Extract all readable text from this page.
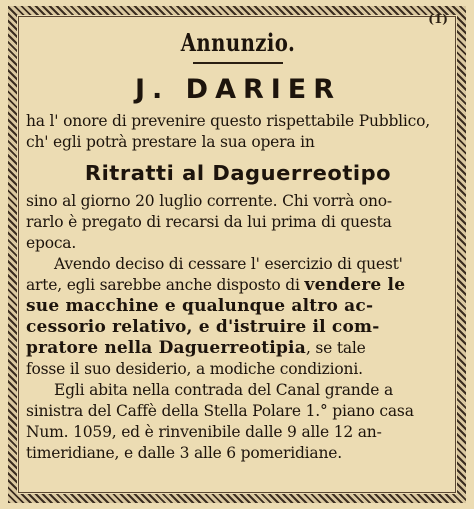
(1)
Annunzio.
J. DARIER
ha l' onore di prevenire questo rispettabile Pubblico,
ch' egli potrà prestare la sua opera in
Ritratti al Daguerreotipo
sino al giorno 20 luglio corrente. Chi vorrà ono-
rarlo è pregato di recarsi da lui prima di questa
epoca.
Avendo deciso di cessare l' esercizio di quest'
arte, egli sarebbe anche disposto di vendere le
sue macchine e qualunque altro ac-
cessorio relativo, e d'istruire il com-
pratore nella Daguerreotipia, se tale
fosse il suo desiderio, a modiche condizioni.
Egli abita nella contrada del Canal grande a
sinistra del Caffè della Stella Polare 1.° piano casa
Num. 1059, ed è rinvenibile dalle 9 alle 12 an-
timeridiane, e dalle 3 alle 6 pomeridiane.
